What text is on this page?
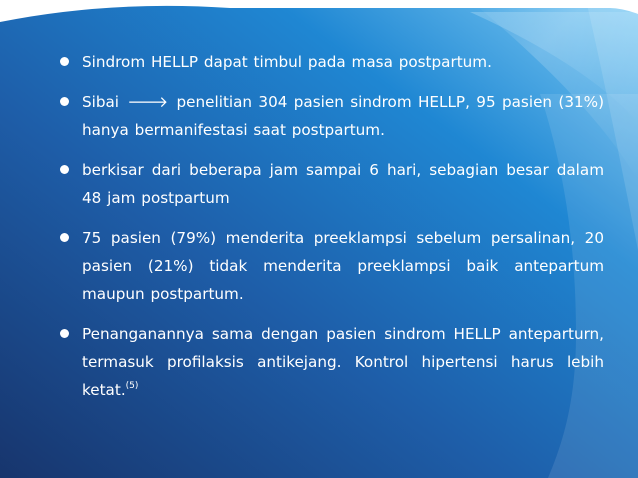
Sindrom HELLP dapat timbul pada masa postpartum.
Sibai 🡒 penelitian 304 pasien sindrom HELLP, 95 pasien (31%) hanya bermanifestasi saat postpartum.
berkisar dari beberapa jam sampai 6 hari, sebagian besar dalam 48 jam postpartum
75 pasien (79%) menderita preeklampsi sebelum persalinan, 20 pasien (21%) tidak menderita preeklampsi baik antepartum maupun postpartum.
Penanganannya sama dengan pasien sindrom HELLP anteparturn, termasuk profilaksis antikejang. Kontrol hipertensi harus lebih ketat.$^{(5)}$
